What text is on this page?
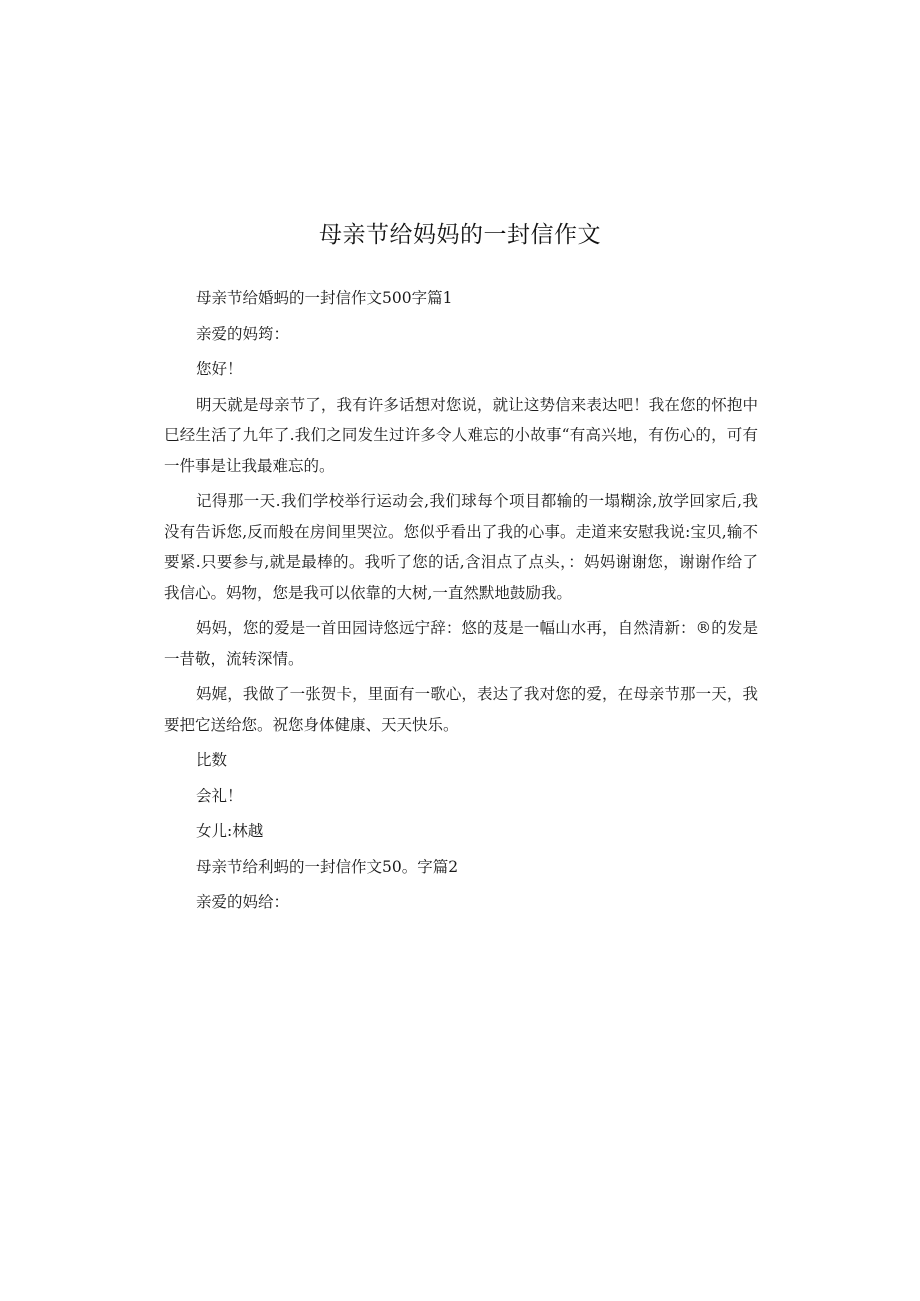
母亲节给妈妈的一封信作文

母亲节给婚蚂的一封信作文500字篇1

亲爱的妈筠：

您好！

明天就是母亲节了，我有许多话想对您说，就让这势信来表达吧！我在您的怀抱中巳经生活了九年了.我们之同发生过许多令人难忘的小故事“有高兴地，有伤心的，可有一件事是让我最难忘的。

记得那一天.我们学校举行运动会,我们球每个项目都输的一塌糊涂,放学回家后,我没有告诉您,反而般在房间里哭泣。您似乎看出了我的心事。走道来安慰我说:宝贝,输不要紧.只要参与,就是最棒的。我听了您的话,含泪点了点头，：妈妈谢谢您，谢谢作给了我信心。妈物，您是我可以依靠的大树,一直然默地鼓励我。

妈妈，您的爱是一首田园诗悠远宁辞：悠的芨是一幅山水再，自然清新：®的发是一昔敬，流转深情。

妈娓，我做了一张贺卡，里面有一歌心，表达了我对您的爱，在母亲节那一天，我要把它送给您。祝您身体健康、天天快乐。

比数

会礼！

女儿:林越

母亲节给利蚂的一封信作文50。字篇2

亲爱的妈给：
